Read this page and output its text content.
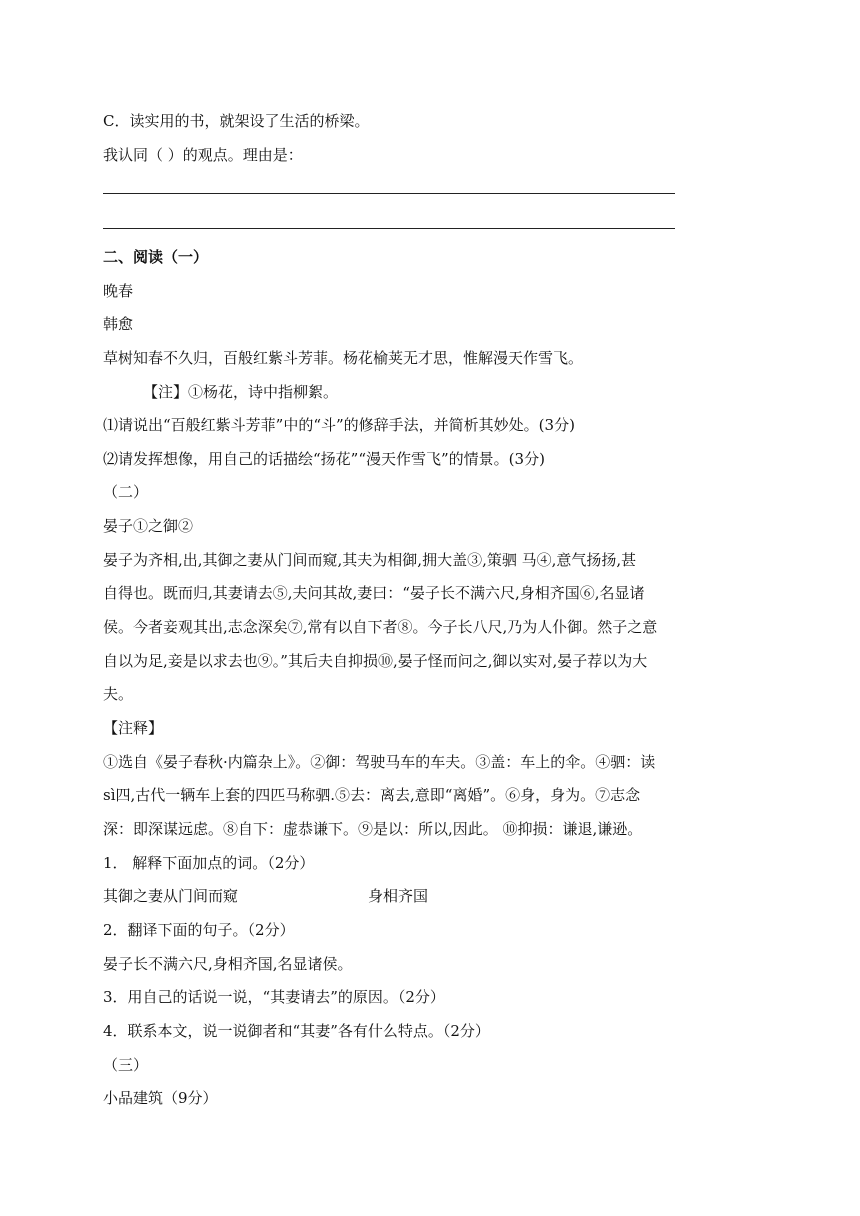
C．读实用的书，就架设了生活的桥梁。
我认同（ ）的观点。理由是：
二、阅读（一）
晚春
韩愈
草树知春不久归，百般红紫斗芳菲。杨花榆荚无才思，惟解漫天作雪飞。
【注】①杨花，诗中指柳絮。
⑴请说出“百般红紫斗芳菲”中的“斗”的修辞手法，并简析其妙处。(3分)
⑵请发挥想像，用自己的话描绘“扬花”“漫天作雪飞”的情景。(3分)
（二）
晏子①之御②
晏子为齐相,出,其御之妻从门间而窥,其夫为相御,拥大盖③,策驷 马④,意气扬扬,甚
自得也。既而归,其妻请去⑤,夫问其故,妻曰：“晏子长不满六尺,身相齐国⑥,名显诸
侯。今者妾观其出,志念深矣⑦,常有以自下者⑧。今子长八尺,乃为人仆御。然子之意
自以为足,妾是以求去也⑨。”其后夫自抑损⑩,晏子怪而问之,御以实对,晏子荐以为大
夫。
【注释】
①选自《晏子春秋·内篇杂上》。②御：驾驶马车的车夫。③盖：车上的伞。④驷：读
sì四,古代一辆车上套的四匹马称驷.⑤去：离去,意即“离婚”。⑥身，身为。⑦志念
深：即深谋远虑。⑧自下：虚恭谦下。⑨是以：所以,因此。 ⑩抑损：谦退,谦逊。
1． 解释下面加点的词。（2分）
其御之妻从门间而窥	身相齐国
2．翻译下面的句子。（2分）
晏子长不满六尺,身相齐国,名显诸侯。
3．用自己的话说一说，“其妻请去”的原因。（2分）
4．联系本文，说一说御者和“其妻”各有什么特点。（2分）
（三）
小品建筑（9分）
